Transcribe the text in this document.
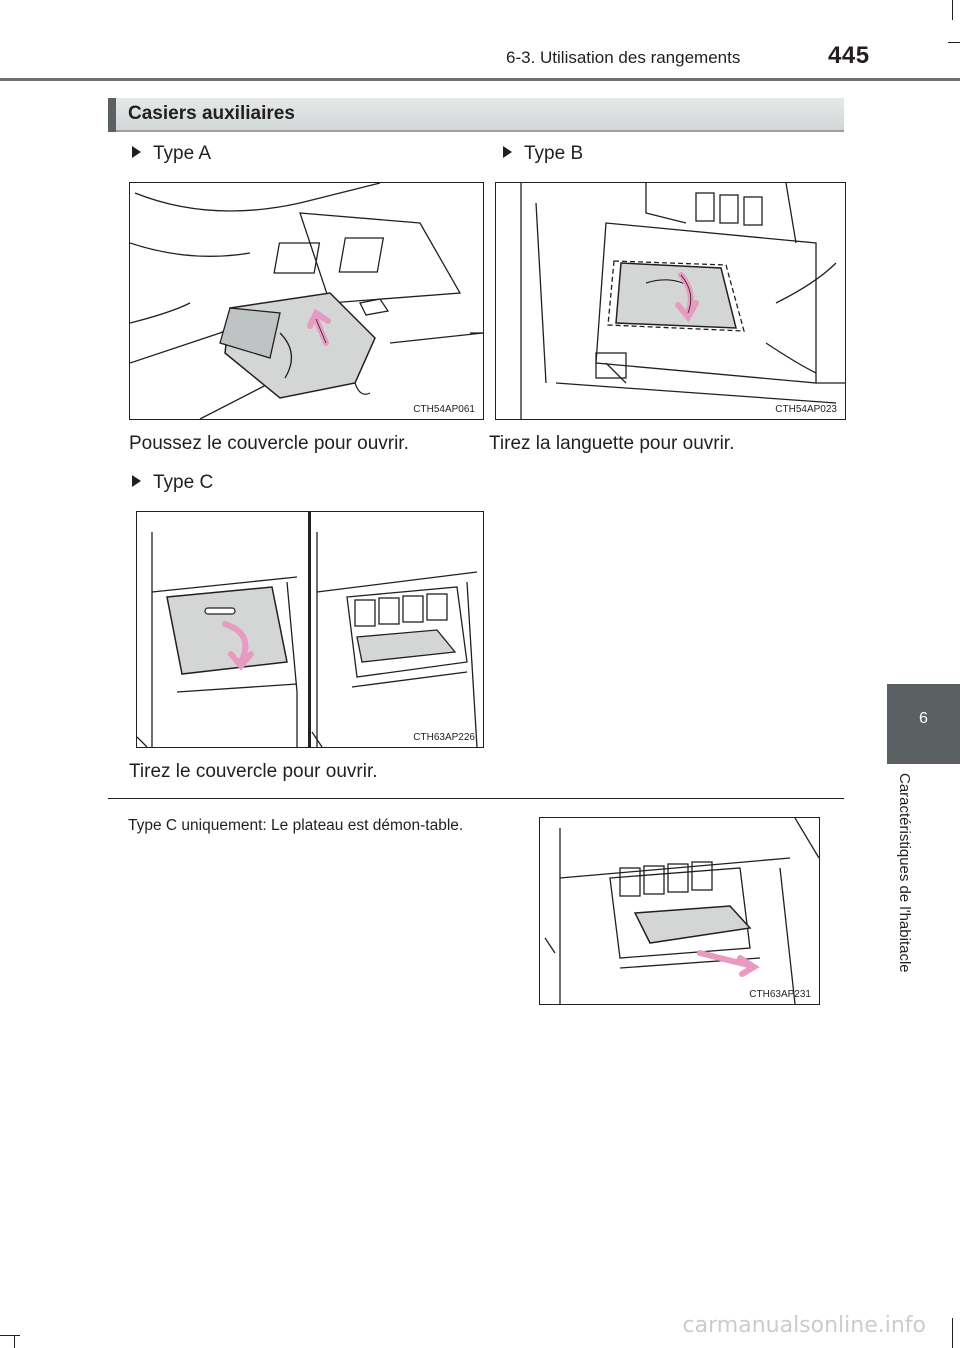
6-3. Utilisation des rangements	445
Casiers auxiliaires
Type A
CTH54AP061
Poussez le couvercle pour ouvrir.
Type B
CTH54AP023
Tirez la languette pour ouvrir.
Type C
CTH63AP226
Tirez le couvercle pour ouvrir.
Type C uniquement: Le plateau est démon-table.
CTH63AP231
6
Caractéristiques de l'habitacle
carmanualsonline.info
